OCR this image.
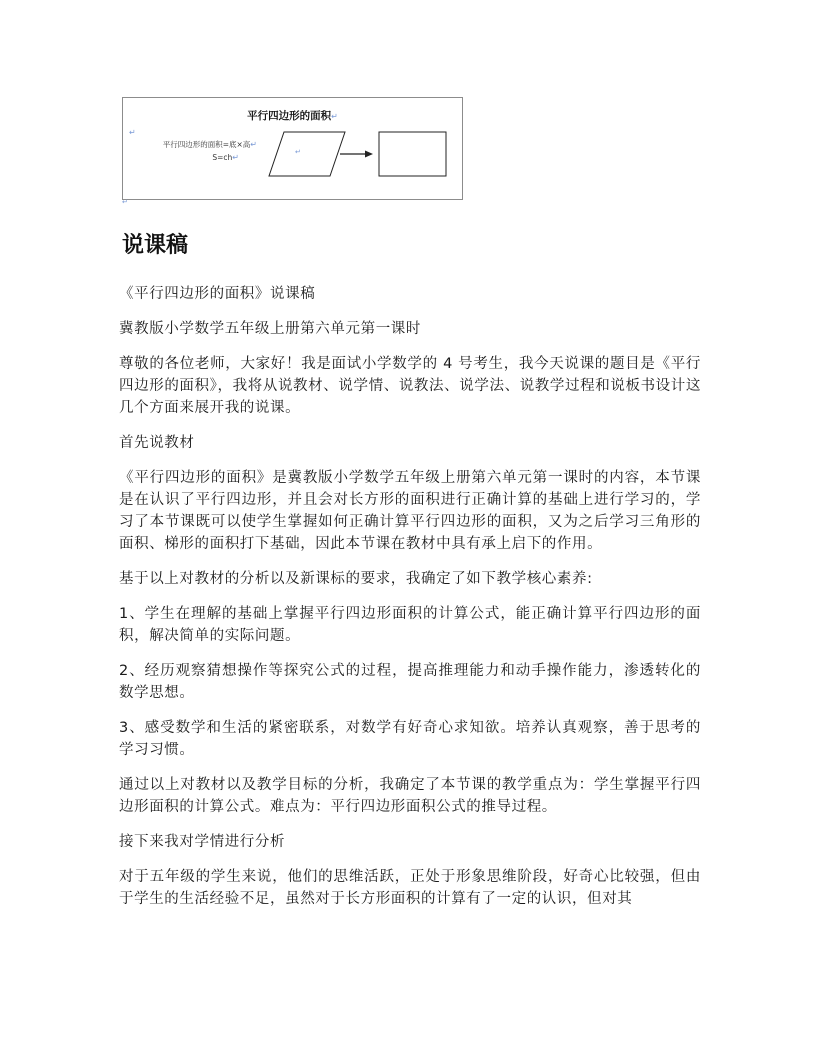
平行四边形的面积↵
↵
平行四边形的面积=底×高↵
S=ch↵
↵
↵
说课稿

《平行四边形的面积》说课稿

冀教版小学数学五年级上册第六单元第一课时

尊敬的各位老师，大家好！我是面试小学数学的 4 号考生，我今天说课的题目是《平行四边形的面积》，我将从说教材、说学情、说教法、说学法、说教学过程和说板书设计这几个方面来展开我的说课。

首先说教材

《平行四边形的面积》是冀教版小学数学五年级上册第六单元第一课时的内容，本节课是在认识了平行四边形，并且会对长方形的面积进行正确计算的基础上进行学习的，学习了本节课既可以使学生掌握如何正确计算平行四边形的面积，又为之后学习三角形的面积、梯形的面积打下基础，因此本节课在教材中具有承上启下的作用。

基于以上对教材的分析以及新课标的要求，我确定了如下教学核心素养:

1、学生在理解的基础上掌握平行四边形面积的计算公式，能正确计算平行四边形的面积，解决简单的实际问题。

2、经历观察猜想操作等探究公式的过程，提高推理能力和动手操作能力，渗透转化的数学思想。

3、感受数学和生活的紧密联系，对数学有好奇心求知欲。培养认真观察，善于思考的学习习惯。

通过以上对教材以及教学目标的分析，我确定了本节课的教学重点为：学生掌握平行四边形面积的计算公式。难点为：平行四边形面积公式的推导过程。

接下来我对学情进行分析

对于五年级的学生来说，他们的思维活跃，正处于形象思维阶段，好奇心比较强，但由于学生的生活经验不足，虽然对于长方形面积的计算有了一定的认识，但对其
